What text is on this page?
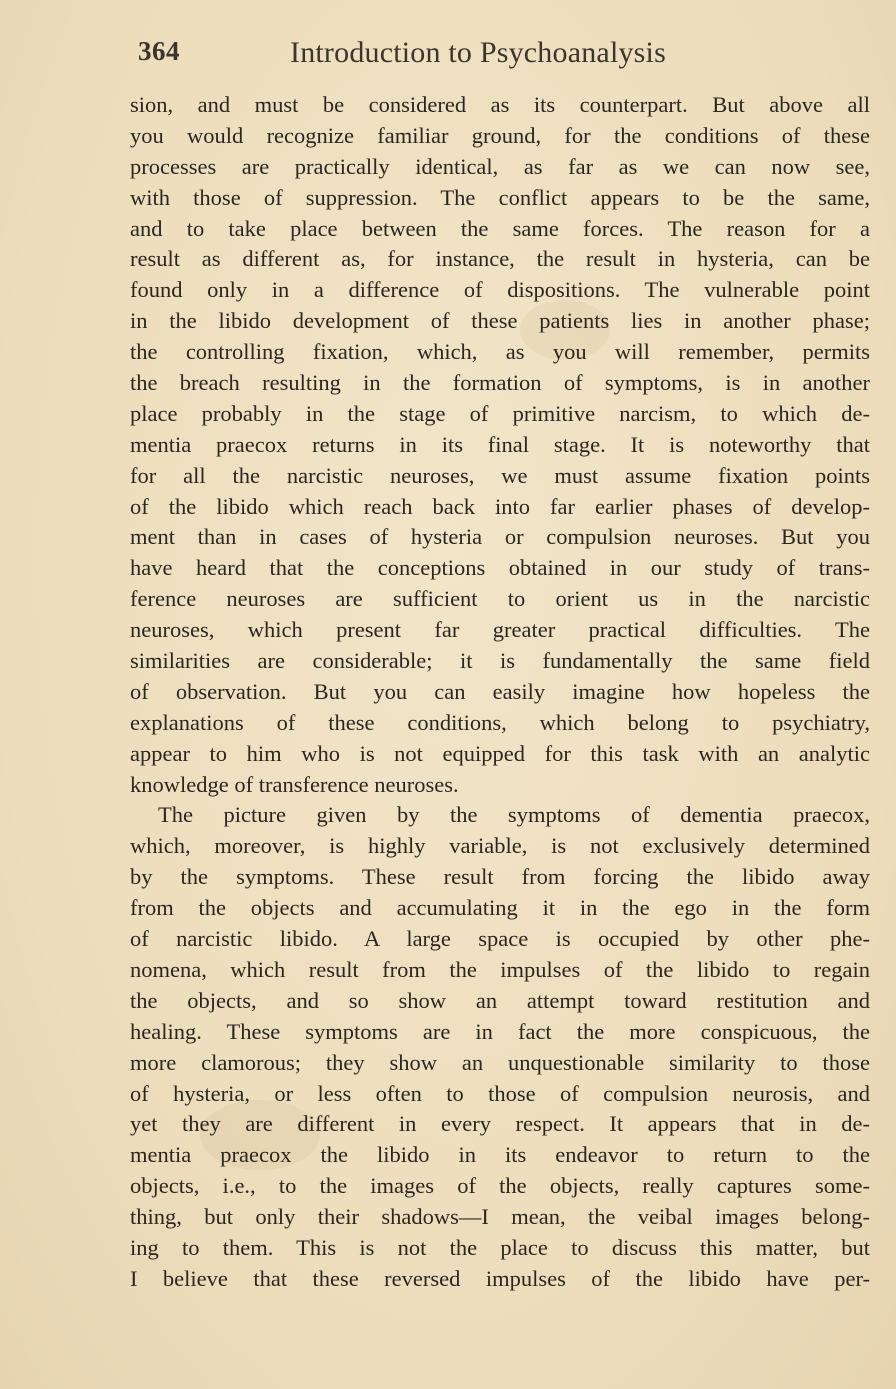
364	Introduction to Psychoanalysis
sion, and must be considered as its counterpart. But above all
you would recognize familiar ground, for the conditions of these
processes are practically identical, as far as we can now see,
with those of suppression. The conflict appears to be the same,
and to take place between the same forces. The reason for a
result as different as, for instance, the result in hysteria, can be
found only in a difference of dispositions. The vulnerable point
in the libido development of these patients lies in another phase;
the controlling fixation, which, as you will remember, permits
the breach resulting in the formation of symptoms, is in another
place probably in the stage of primitive narcism, to which de-
mentia praecox returns in its final stage. It is noteworthy that
for all the narcistic neuroses, we must assume fixation points
of the libido which reach back into far earlier phases of develop-
ment than in cases of hysteria or compulsion neuroses. But you
have heard that the conceptions obtained in our study of trans-
ference neuroses are sufficient to orient us in the narcistic
neuroses, which present far greater practical difficulties. The
similarities are considerable; it is fundamentally the same field
of observation. But you can easily imagine how hopeless the
explanations of these conditions, which belong to psychiatry,
appear to him who is not equipped for this task with an analytic
knowledge of transference neuroses.
The picture given by the symptoms of dementia praecox,
which, moreover, is highly variable, is not exclusively determined
by the symptoms. These result from forcing the libido away
from the objects and accumulating it in the ego in the form
of narcistic libido. A large space is occupied by other phe-
nomena, which result from the impulses of the libido to regain
the objects, and so show an attempt toward restitution and
healing. These symptoms are in fact the more conspicuous, the
more clamorous; they show an unquestionable similarity to those
of hysteria, or less often to those of compulsion neurosis, and
yet they are different in every respect. It appears that in de-
mentia praecox the libido in its endeavor to return to the
objects, i.e., to the images of the objects, really captures some-
thing, but only their shadows—I mean, the veibal images belong-
ing to them. This is not the place to discuss this matter, but
I believe that these reversed impulses of the libido have per-
